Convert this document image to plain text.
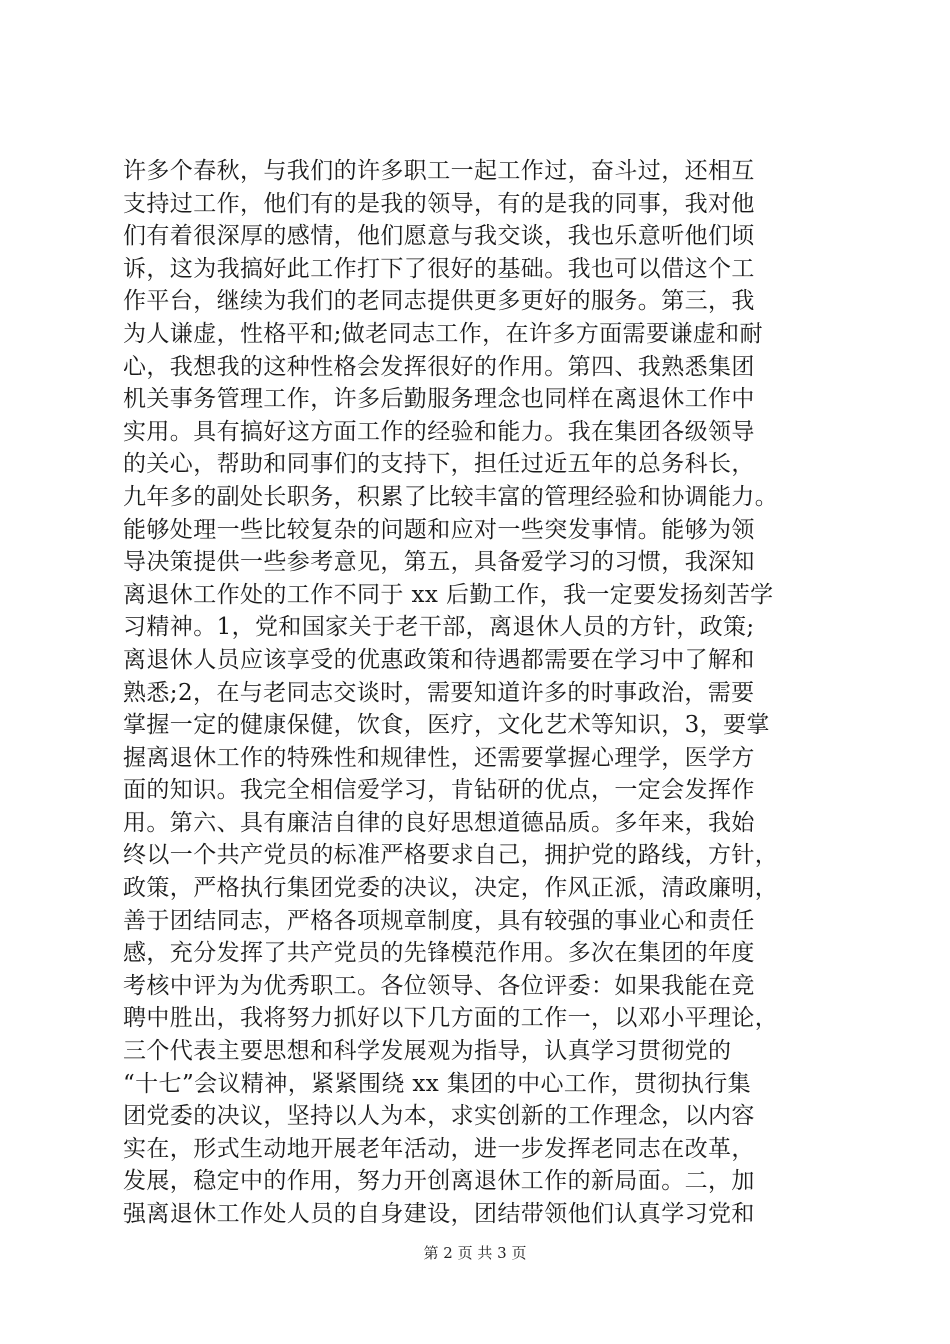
许多个春秋，与我们的许多职工一起工作过，奋斗过，还相互
支持过工作，他们有的是我的领导，有的是我的同事，我对他
们有着很深厚的感情，他们愿意与我交谈，我也乐意听他们顷
诉，这为我搞好此工作打下了很好的基础。我也可以借这个工
作平台，继续为我们的老同志提供更多更好的服务。第三，我
为人谦虚，性格平和;做老同志工作，在许多方面需要谦虚和耐
心，我想我的这种性格会发挥很好的作用。第四、我熟悉集团
机关事务管理工作，许多后勤服务理念也同样在离退休工作中
实用。具有搞好这方面工作的经验和能力。我在集团各级领导
的关心，帮助和同事们的支持下，担任过近五年的总务科长，
九年多的副处长职务，积累了比较丰富的管理经验和协调能力。
能够处理一些比较复杂的问题和应对一些突发事情。能够为领
导决策提供一些参考意见，第五，具备爱学习的习惯，我深知
离退休工作处的工作不同于 xx 后勤工作，我一定要发扬刻苦学
习精神。1，党和国家关于老干部，离退休人员的方针，政策;
离退休人员应该享受的优惠政策和待遇都需要在学习中了解和
熟悉;2，在与老同志交谈时，需要知道许多的时事政治，需要
掌握一定的健康保健，饮食，医疗，文化艺术等知识，3，要掌
握离退休工作的特殊性和规律性，还需要掌握心理学，医学方
面的知识。我完全相信爱学习，肯钻研的优点，一定会发挥作
用。第六、具有廉洁自律的良好思想道德品质。多年来，我始
终以一个共产党员的标准严格要求自己，拥护党的路线，方针，
政策，严格执行集团党委的决议，决定，作风正派，清政廉明，
善于团结同志，严格各项规章制度，具有较强的事业心和责任
感，充分发挥了共产党员的先锋模范作用。多次在集团的年度
考核中评为为优秀职工。各位领导、各位评委：如果我能在竞
聘中胜出，我将努力抓好以下几方面的工作一，以邓小平理论，
三个代表主要思想和科学发展观为指导，认真学习贯彻党的
“十七”会议精神，紧紧围绕 xx 集团的中心工作，贯彻执行集
团党委的决议，坚持以人为本，求实创新的工作理念，以内容
实在，形式生动地开展老年活动，进一步发挥老同志在改革，
发展，稳定中的作用，努力开创离退休工作的新局面。二，加
强离退休工作处人员的自身建设，团结带领他们认真学习党和
第 2 页 共 3 页
